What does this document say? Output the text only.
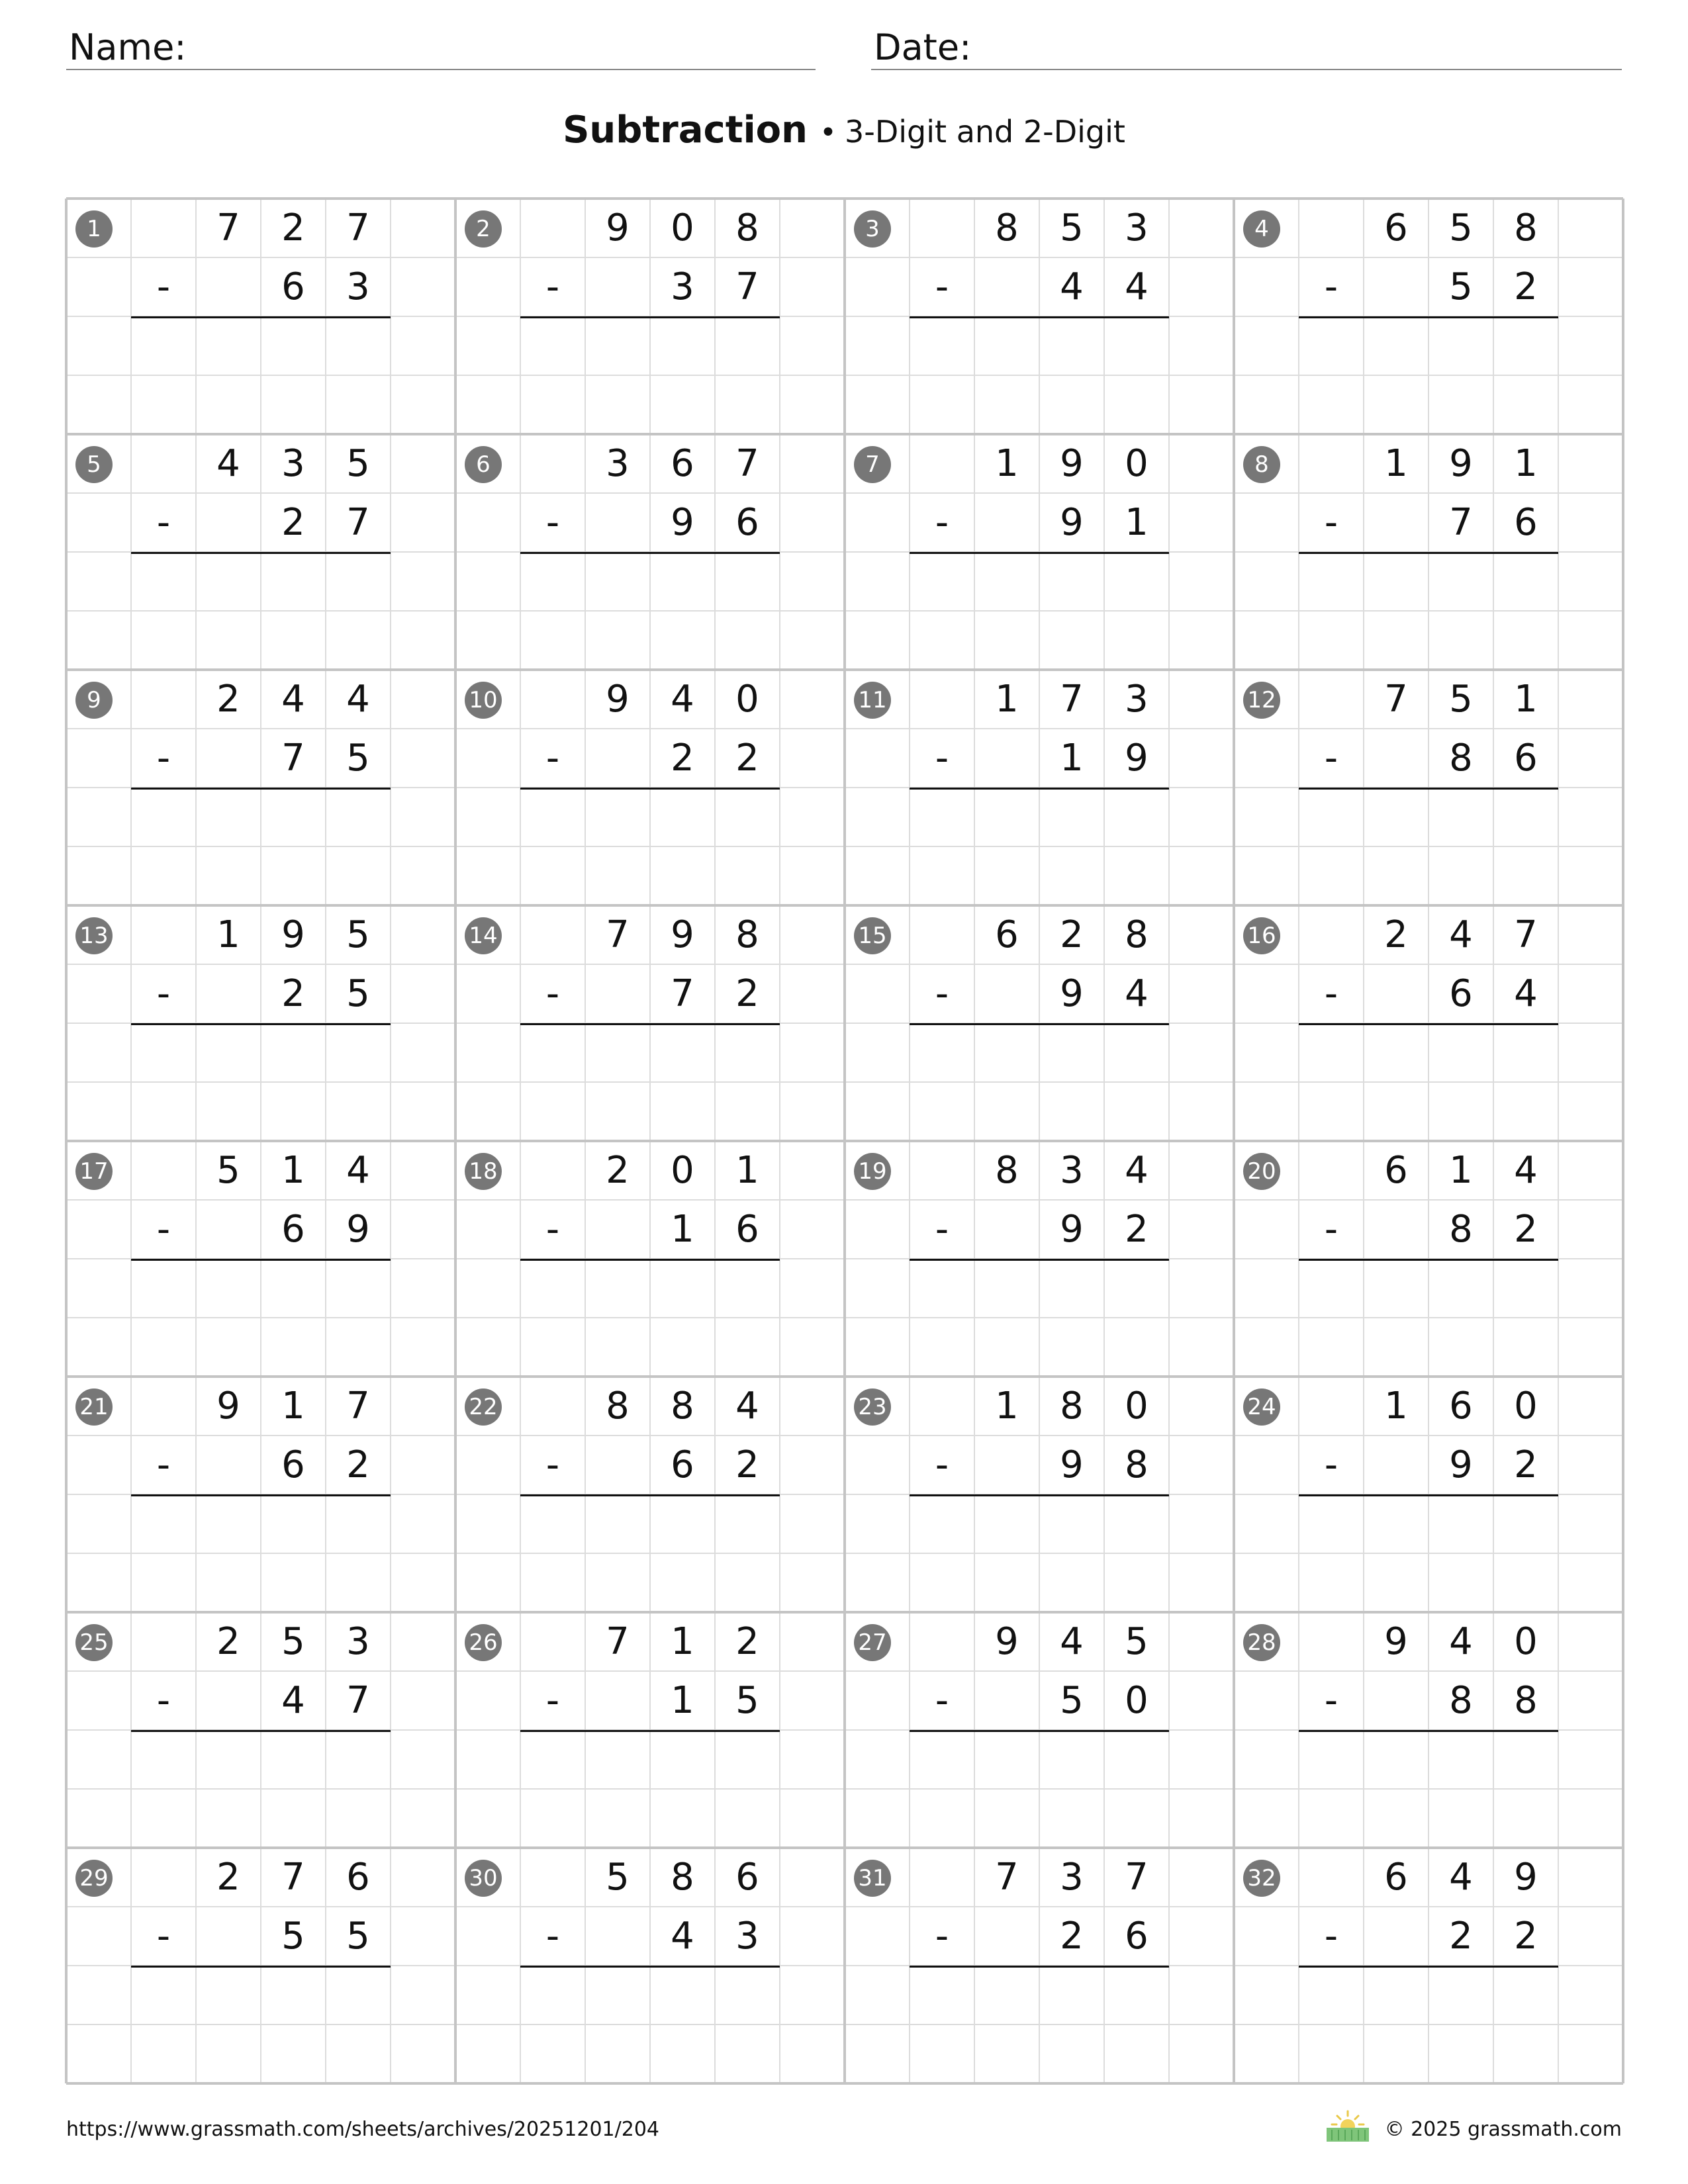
Name:	Date:
Subtraction • 3-Digit and 2-Digit
1	7	2	7
-	6	3
2	9	0	8
-	3	7
3	8	5	3
-	4	4
4	6	5	8
-	5	2
5	4	3	5
-	2	7
6	3	6	7
-	9	6
7	1	9	0
-	9	1
8	1	9	1
-	7	6
9	2	4	4
-	7	5
10	9	4	0
-	2	2
11	1	7	3
-	1	9
12	7	5	1
-	8	6
13	1	9	5
-	2	5
14	7	9	8
-	7	2
15	6	2	8
-	9	4
16	2	4	7
-	6	4
17	5	1	4
-	6	9
18	2	0	1
-	1	6
19	8	3	4
-	9	2
20	6	1	4
-	8	2
21	9	1	7
-	6	2
22	8	8	4
-	6	2
23	1	8	0
-	9	8
24	1	6	0
-	9	2
25	2	5	3
-	4	7
26	7	1	2
-	1	5
27	9	4	5
-	5	0
28	9	4	0
-	8	8
29	2	7	6
-	5	5
30	5	8	6
-	4	3
31	7	3	7
-	2	6
32	6	4	9
-	2	2
https://www.grassmath.com/sheets/archives/20251201/204	© 2025 grassmath.com
